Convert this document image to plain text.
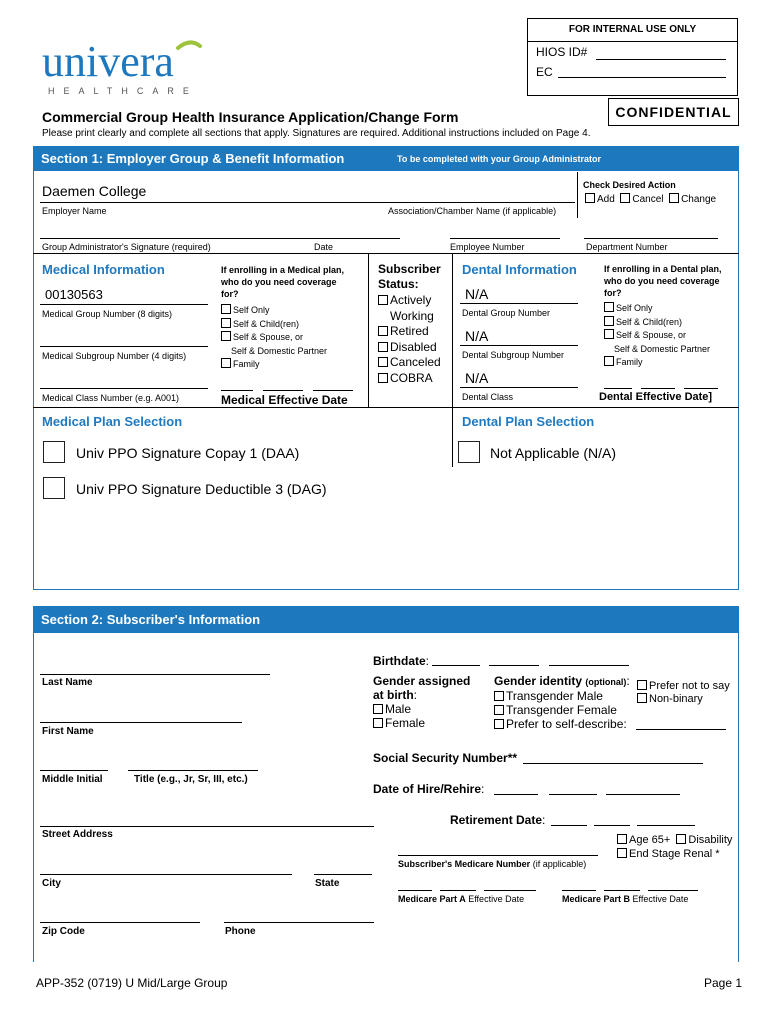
FOR INTERNAL USE ONLY
HIOS ID#
EC
univera
HEALTHCARE
Commercial Group Health Insurance Application/Change Form	CONFIDENTIAL
Please print clearly and complete all sections that apply. Signatures are required. Additional instructions included on Page 4.
Section 1: Employer Group & Benefit Information	To be completed with your Group Administrator
Daemen College
Employer Name	Association/Chamber Name (if applicable)
Check Desired Action
Add Cancel Change
Group Administrator's Signature (required)	Date	Employee Number	Department Number
Medical Information
00130563
Medical Group Number (8 digits)
Medical Subgroup Number (4 digits)
Medical Class Number (e.g. A001)
If enrolling in a Medical plan, who do you need coverage for?
Self Only
Self & Child(ren)
Self & Spouse, or
Self & Domestic Partner
Family
Medical Effective Date
Subscriber Status:
Actively
Working
Retired
Disabled
Canceled
COBRA
Dental Information
N/A
Dental Group Number
N/A
Dental Subgroup Number
N/A
Dental Class
If enrolling in a Dental plan, who do you need coverage for?
Self Only
Self & Child(ren)
Self & Spouse, or
Self & Domestic Partner
Family
Dental Effective Date]
Medical Plan Selection	Dental Plan Selection
Univ PPO Signature Copay 1 (DAA)
Univ PPO Signature Deductible 3 (DAG)
Not Applicable (N/A)
Section 2: Subscriber's Information
Last Name
First Name
Middle Initial	Title (e.g., Jr, Sr, III, etc.)
Street Address
City	State
Zip Code	Phone
Birthdate:
Gender assigned
at birth:
Male
Female
Gender identity (optional):
Transgender Male
Transgender Female
Prefer to self-describe:
Prefer not to say
Non-binary
Social Security Number**
Date of Hire/Rehire:
Retirement Date:
Subscriber's Medicare Number (if applicable)
Age 65+ Disability
End Stage Renal *
Medicare Part A Effective Date	Medicare Part B Effective Date
APP-352 (0719) U Mid/Large Group	Page 1
